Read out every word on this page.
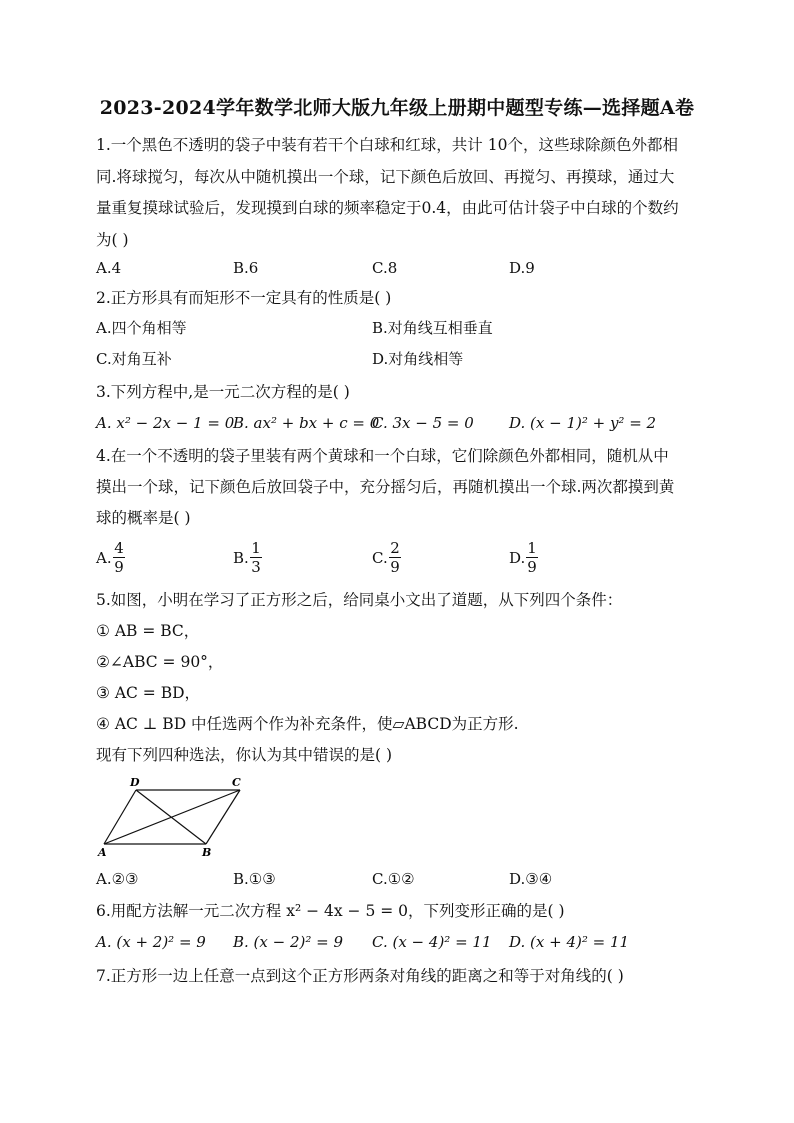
2023-2024学年数学北师大版九年级上册期中题型专练—选择题A卷
1.一个黑色不透明的袋子中装有若干个白球和红球，共计 10个，这些球除颜色外都相
同.将球搅匀，每次从中随机摸出一个球，记下颜色后放回、再搅匀、再摸球，通过大
量重复摸球试验后，发现摸到白球的频率稳定于0.4，由此可估计袋子中白球的个数约
为( )
A.4	B.6	C.8	D.9
2.正方形具有而矩形不一定具有的性质是( )
A.四个角相等	B.对角线互相垂直
C.对角互补	D.对角线相等
3.下列方程中,是一元二次方程的是( )
A. x² − 2x − 1 = 0
B. ax² + bx + c = 0
C. 3x − 5 = 0 D. (x − 1)² + y² = 2
4.在一个不透明的袋子里装有两个黄球和一个白球，它们除颜色外都相同，随机从中
摸出一个球，记下颜色后放回袋子中，充分摇匀后，再随机摸出一个球.两次都摸到黄
球的概率是( )
A.
4
9	B.
1
3	C.
2
9	D.
1
9
5.如图，小明在学习了正方形之后，给同桌小文出了道题，从下列四个条件：
① AB = BC，
②∠ABC = 90°，
③ AC = BD，
④ AC ⊥ BD 中任选两个作为补充条件，使▱ABCD为正方形.
现有下列四种选法，你认为其中错误的是( )
D	C
A	B
A.②③	B.①③	C.①②	D.③④
6.用配方法解一元二次方程 x² − 4x − 5 = 0，下列变形正确的是( )
A. (x + 2)² = 9 B. (x − 2)² = 9 C. (x − 4)² = 11 D. (x + 4)² = 11
7.正方形一边上任意一点到这个正方形两条对角线的距离之和等于对角线的( )
